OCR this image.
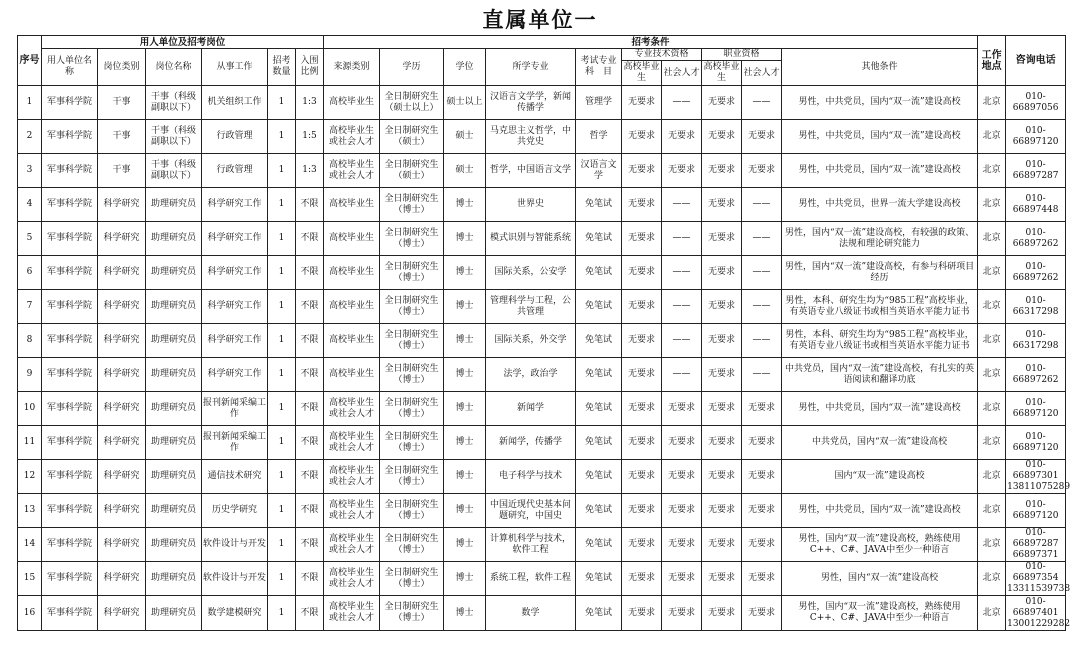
直属单位一
序号	用人单位及招考岗位						招考条件										工作地点	咨询电话
	用人单位名　称	岗位类别	岗位名称	从事工作	招考数量	入围比例	来源类别	学历	学位	所学专业	考试专业科　目	专业技术资格		职业资格		其他条件		
												高校毕业生	社会人才	高校毕业生	社会人才			
1	军事科学院	干事	干事（科级副职以下）	机关组织工作	1	1:3	高校毕业生	全日制研究生（硕士以上）	硕士以上	汉语言文学学，新闻传播学	管理学	无要求	——	无要求	——	男性，中共党员，国内“双一流”建设高校	北京	010-66897056
2	军事科学院	干事	干事（科级副职以下）	行政管理	1	1:5	高校毕业生或社会人才	全日制研究生（硕士）	硕士	马克思主义哲学，中共党史	哲学	无要求	无要求	无要求	无要求	男性，中共党员，国内“双一流”建设高校	北京	010-66897120
3	军事科学院	干事	干事（科级副职以下）	行政管理	1	1:3	高校毕业生或社会人才	全日制研究生（硕士）	硕士	哲学，中国语言文学	汉语言文学	无要求	无要求	无要求	无要求	男性，中共党员，国内“双一流”建设高校	北京	010-66897287
4	军事科学院	科学研究	助理研究员	科学研究工作	1	不限	高校毕业生	全日制研究生（博士）	博士	世界史	免笔试	无要求	——	无要求	——	男性，中共党员，世界一流大学建设高校	北京	010-66897448
5	军事科学院	科学研究	助理研究员	科学研究工作	1	不限	高校毕业生	全日制研究生（博士）	博士	模式识别与智能系统	免笔试	无要求	——	无要求	——	男性，国内“双一流”建设高校，有较强的政策、法规和理论研究能力	北京	010-66897262
6	军事科学院	科学研究	助理研究员	科学研究工作	1	不限	高校毕业生	全日制研究生（博士）	博士	国际关系，公安学	免笔试	无要求	——	无要求	——	男性，国内“双一流”建设高校，有参与科研项目经历	北京	010-66897262
7	军事科学院	科学研究	助理研究员	科学研究工作	1	不限	高校毕业生	全日制研究生（博士）	博士	管理科学与工程，公共管理	免笔试	无要求	——	无要求	——	男性，本科、研究生均为“985工程”高校毕业，有英语专业八级证书或相当英语水平能力证书	北京	010-66317298
8	军事科学院	科学研究	助理研究员	科学研究工作	1	不限	高校毕业生	全日制研究生（博士）	博士	国际关系，外交学	免笔试	无要求	——	无要求	——	男性，本科、研究生均为“985工程”高校毕业，有英语专业八级证书或相当英语水平能力证书	北京	010-66317298
9	军事科学院	科学研究	助理研究员	科学研究工作	1	不限	高校毕业生	全日制研究生（博士）	博士	法学，政治学	免笔试	无要求	——	无要求	——	中共党员，国内“双一流”建设高校，有扎实的英语阅读和翻译功底	北京	010-66897262
10	军事科学院	科学研究	助理研究员	报刊新闻采编工作	1	不限	高校毕业生或社会人才	全日制研究生（博士）	博士	新闻学	免笔试	无要求	无要求	无要求	无要求	男性，中共党员，国内“双一流”建设高校	北京	010-66897120
11	军事科学院	科学研究	助理研究员	报刊新闻采编工作	1	不限	高校毕业生或社会人才	全日制研究生（博士）	博士	新闻学，传播学	免笔试	无要求	无要求	无要求	无要求	中共党员，国内“双一流”建设高校	北京	010-66897120
12	军事科学院	科学研究	助理研究员	通信技术研究	1	不限	高校毕业生或社会人才	全日制研究生（博士）	博士	电子科学与技术	免笔试	无要求	无要求	无要求	无要求	国内“双一流”建设高校	北京	010-66897301 13811075289
13	军事科学院	科学研究	助理研究员	历史学研究	1	不限	高校毕业生或社会人才	全日制研究生（博士）	博士	中国近现代史基本问题研究，中国史	免笔试	无要求	无要求	无要求	无要求	男性，中共党员，国内“双一流”建设高校	北京	010-66897120
14	军事科学院	科学研究	助理研究员	软件设计与开发	1	不限	高校毕业生或社会人才	全日制研究生（博士）	博士	计算机科学与技术，软件工程	免笔试	无要求	无要求	无要求	无要求	男性，国内“双一流”建设高校，熟练使用C++、C#、JAVA中至少一种语言	北京	010-66897287 66897371
15	军事科学院	科学研究	助理研究员	软件设计与开发	1	不限	高校毕业生或社会人才	全日制研究生（博士）	博士	系统工程，软件工程	免笔试	无要求	无要求	无要求	无要求	男性，国内“双一流”建设高校	北京	010-66897354 13311539738
16	军事科学院	科学研究	助理研究员	数学建模研究	1	不限	高校毕业生或社会人才	全日制研究生（博士）	博士	数学	免笔试	无要求	无要求	无要求	无要求	男性，国内“双一流”建设高校，熟练使用C++、C#、JAVA中至少一种语言	北京	010-66897401 13001229282
